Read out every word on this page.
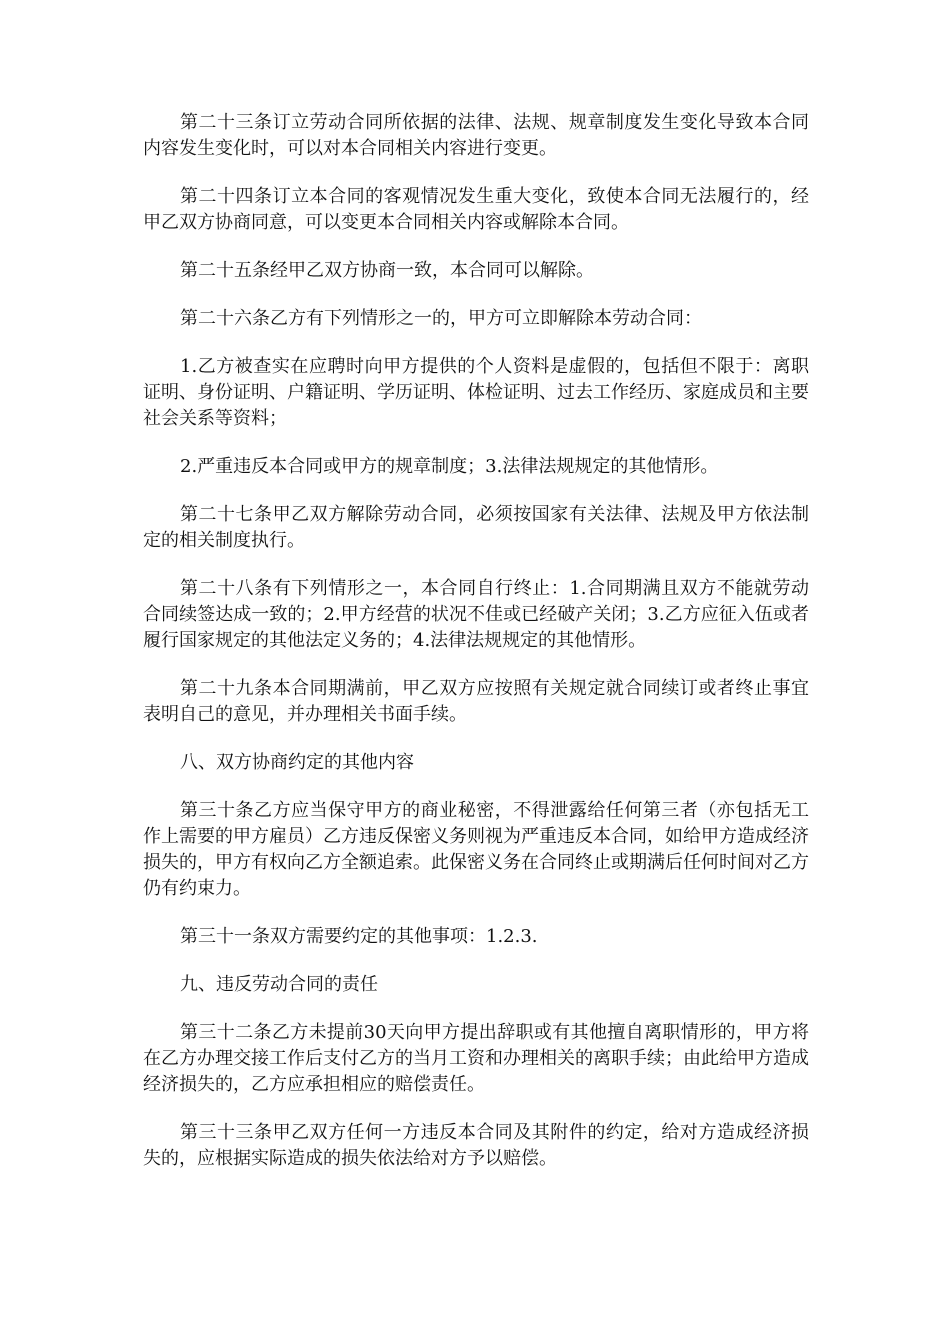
第二十三条订立劳动合同所依据的法律、法规、规章制度发生变化导致本合同内容发生变化时，可以对本合同相关内容进行变更。

第二十四条订立本合同的客观情况发生重大变化，致使本合同无法履行的，经甲乙双方协商同意，可以变更本合同相关内容或解除本合同。

第二十五条经甲乙双方协商一致，本合同可以解除。

第二十六条乙方有下列情形之一的，甲方可立即解除本劳动合同：

1.乙方被查实在应聘时向甲方提供的个人资料是虚假的，包括但不限于：离职证明、身份证明、户籍证明、学历证明、体检证明、过去工作经历、家庭成员和主要社会关系等资料；

2.严重违反本合同或甲方的规章制度；3.法律法规规定的其他情形。

第二十七条甲乙双方解除劳动合同，必须按国家有关法律、法规及甲方依法制定的相关制度执行。

第二十八条有下列情形之一，本合同自行终止：1.合同期满且双方不能就劳动合同续签达成一致的；2.甲方经营的状况不佳或已经破产关闭；3.乙方应征入伍或者履行国家规定的其他法定义务的；4.法律法规规定的其他情形。

第二十九条本合同期满前，甲乙双方应按照有关规定就合同续订或者终止事宜表明自己的意见，并办理相关书面手续。

八、双方协商约定的其他内容

第三十条乙方应当保守甲方的商业秘密，不得泄露给任何第三者（亦包括无工作上需要的甲方雇员）乙方违反保密义务则视为严重违反本合同，如给甲方造成经济损失的，甲方有权向乙方全额追索。此保密义务在合同终止或期满后任何时间对乙方仍有约束力。

第三十一条双方需要约定的其他事项：1.2.3.

九、违反劳动合同的责任

第三十二条乙方未提前30天向甲方提出辞职或有其他擅自离职情形的，甲方将在乙方办理交接工作后支付乙方的当月工资和办理相关的离职手续；由此给甲方造成经济损失的，乙方应承担相应的赔偿责任。

第三十三条甲乙双方任何一方违反本合同及其附件的约定，给对方造成经济损失的，应根据实际造成的损失依法给对方予以赔偿。
